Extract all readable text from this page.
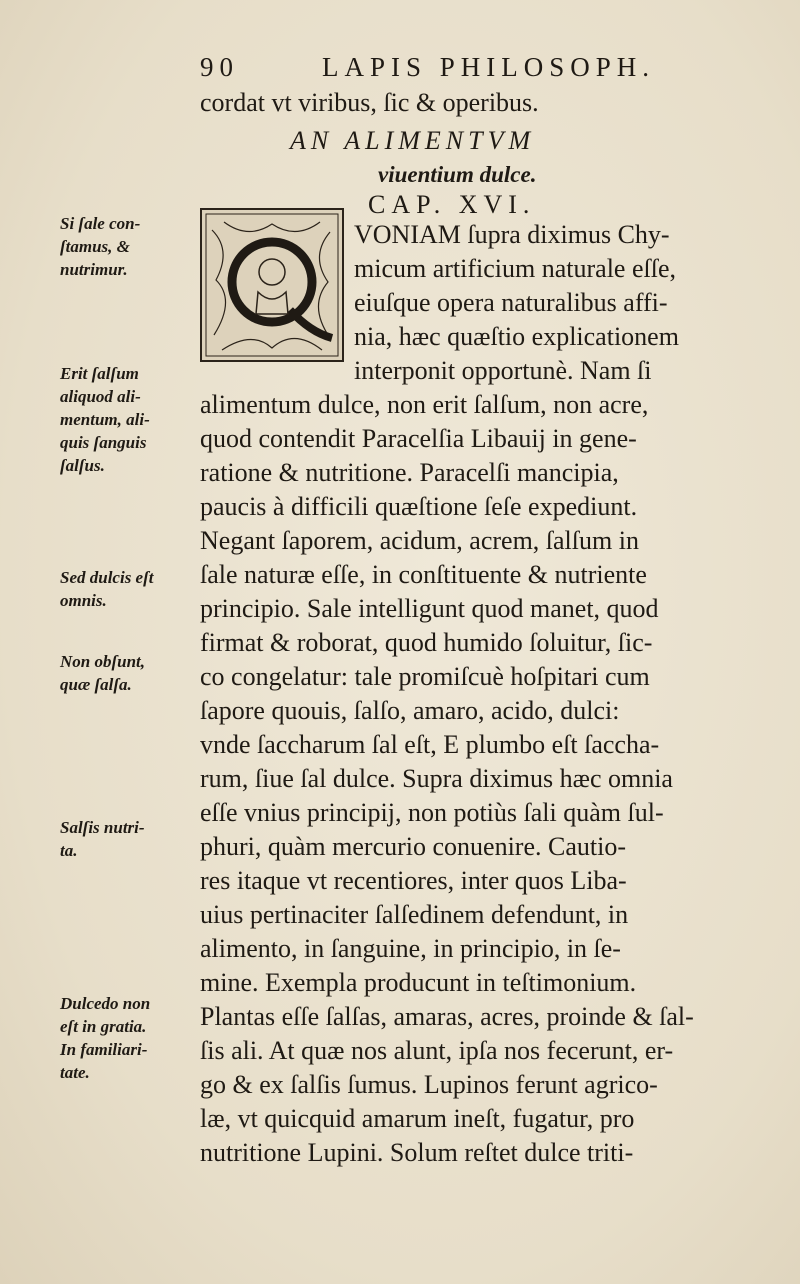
90	LAPIS PHILOSOPH.
cordat vt viribus, ſic & operibus.
AN ALIMENTVM
viuentium dulce.
CAP. XVI.
VONIAM ſupra diximus Chy-
micum artificium naturale eſſe,
eiuſque opera naturalibus affi-
nia, hæc quæſtio explicationem
interponit opportunè. Nam ſi
alimentum dulce, non erit ſalſum, non acre,
quod contendit Paracelſia Libauij in gene-
ratione & nutritione. Paracelſi mancipia,
paucis à difficili quæſtione ſeſe expediunt.
Negant ſaporem, acidum, acrem, ſalſum in
ſale naturæ eſſe, in conſtituente & nutriente
principio. Sale intelligunt quod manet, quod
firmat & roborat, quod humido ſoluitur, ſic-
co congelatur: tale promiſcuè hoſpitari cum
ſapore quouis, ſalſo, amaro, acido, dulci:
vnde ſaccharum ſal eſt, E plumbo eſt ſaccha-
rum, ſiue ſal dulce. Supra diximus hæc omnia
eſſe vnius principij, non potiùs ſali quàm ſul-
phuri, quàm mercurio conuenire. Cautio-
res itaque vt recentiores, inter quos Liba-
uius pertinaciter ſalſedinem defendunt, in
alimento, in ſanguine, in principio, in ſe-
mine. Exempla producunt in teſtimonium.
Plantas eſſe ſalſas, amaras, acres, proinde & ſal-
ſis ali. At quæ nos alunt, ipſa nos fecerunt, er-
go & ex ſalſis ſumus. Lupinos ferunt agrico-
læ, vt quicquid amarum ineſt, fugatur, pro
nutritione Lupini. Solum reſtet dulce triti-
Si ſale con-
ſtamus, &
nutrimur.
Erit ſalſum
aliquod ali-
mentum, ali-
quis ſanguis
ſalſus.
Sed dulcis eſt
omnis.
Non obſunt,
quæ ſalſa.
Salſis nutri-
ta.
Dulcedo non
eſt in gratia.
In familiari-
tate.
